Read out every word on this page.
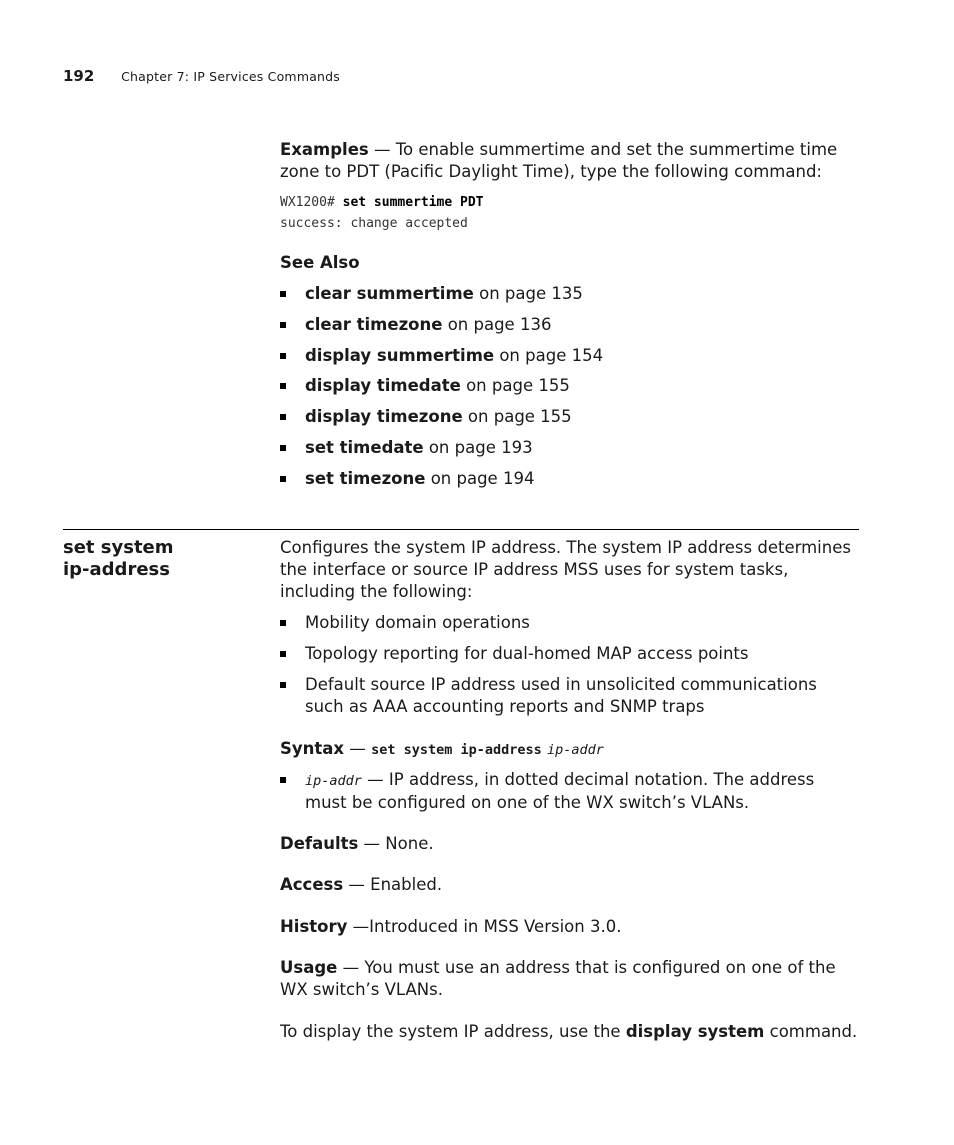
192 Chapter 7: IP Services Commands

Examples — To enable summertime and set the summertime time zone to PDT (Pacific Daylight Time), type the following command:

WX1200# set summertime PDT
success: change accepted
See Also
clear summertime on page 135
clear timezone on page 136
display summertime on page 154
display timedate on page 155
display timezone on page 155
set timedate on page 193
set timezone on page 194
set system
ip-address

Configures the system IP address. The system IP address determines the interface or source IP address MSS uses for system tasks, including the following:

Mobility domain operations
Topology reporting for dual-homed MAP access points
Default source IP address used in unsolicited communications such as AAA accounting reports and SNMP traps
Syntax — set system ip-address ip-addr
ip-addr — IP address, in dotted decimal notation. The address must be configured on one of the WX switch’s VLANs.
Defaults — None.
Access — Enabled.
History —Introduced in MSS Version 3.0.

Usage — You must use an address that is configured on one of the WX switch’s VLANs.

To display the system IP address, use the display system command.
